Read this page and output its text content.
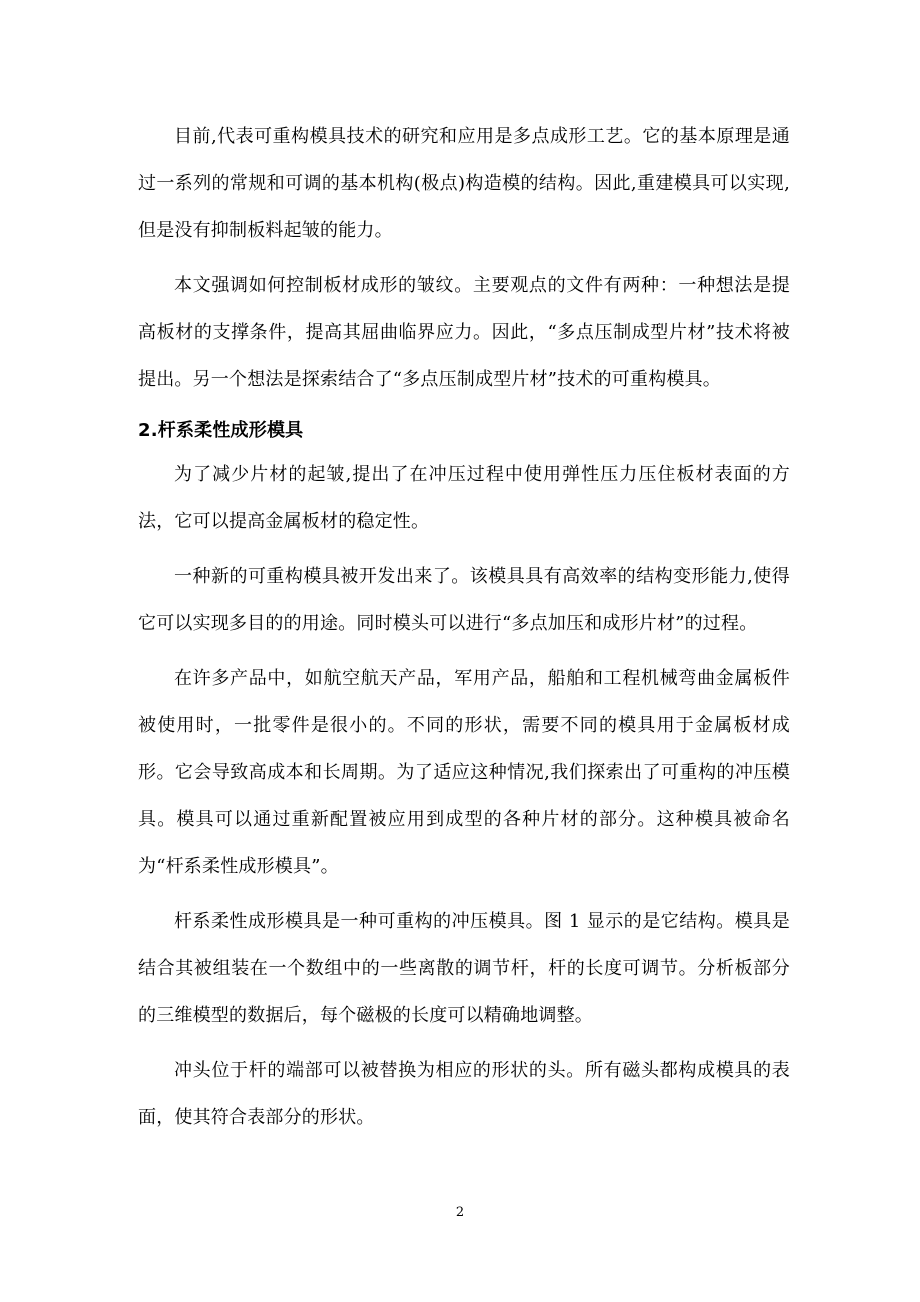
目前,代表可重构模具技术的研究和应用是多点成形工艺。它的基本原理是通过一系列的常规和可调的基本机构(极点)构造模的结构。因此,重建模具可以实现,但是没有抑制板料起皱的能力。

本文强调如何控制板材成形的皱纹。主要观点的文件有两种：一种想法是提高板材的支撑条件，提高其屈曲临界应力。因此，“多点压制成型片材”技术将被提出。另一个想法是探索结合了“多点压制成型片材”技术的可重构模具。

2.杆系柔性成形模具

为了减少片材的起皱,提出了在冲压过程中使用弹性压力压住板材表面的方法，它可以提高金属板材的稳定性。

一种新的可重构模具被开发出来了。该模具具有高效率的结构变形能力,使得它可以实现多目的的用途。同时模头可以进行“多点加压和成形片材”的过程。

在许多产品中，如航空航天产品，军用产品，船舶和工程机械弯曲金属板件被使用时，一批零件是很小的。不同的形状，需要不同的模具用于金属板材成形。它会导致高成本和长周期。为了适应这种情况,我们探索出了可重构的冲压模具。模具可以通过重新配置被应用到成型的各种片材的部分。这种模具被命名为“杆系柔性成形模具”。

杆系柔性成形模具是一种可重构的冲压模具。图 1 显示的是它结构。模具是结合其被组装在一个数组中的一些离散的调节杆，杆的长度可调节。分析板部分的三维模型的数据后，每个磁极的长度可以精确地调整。

冲头位于杆的端部可以被替换为相应的形状的头。所有磁头都构成模具的表面，使其符合表部分的形状。

2
